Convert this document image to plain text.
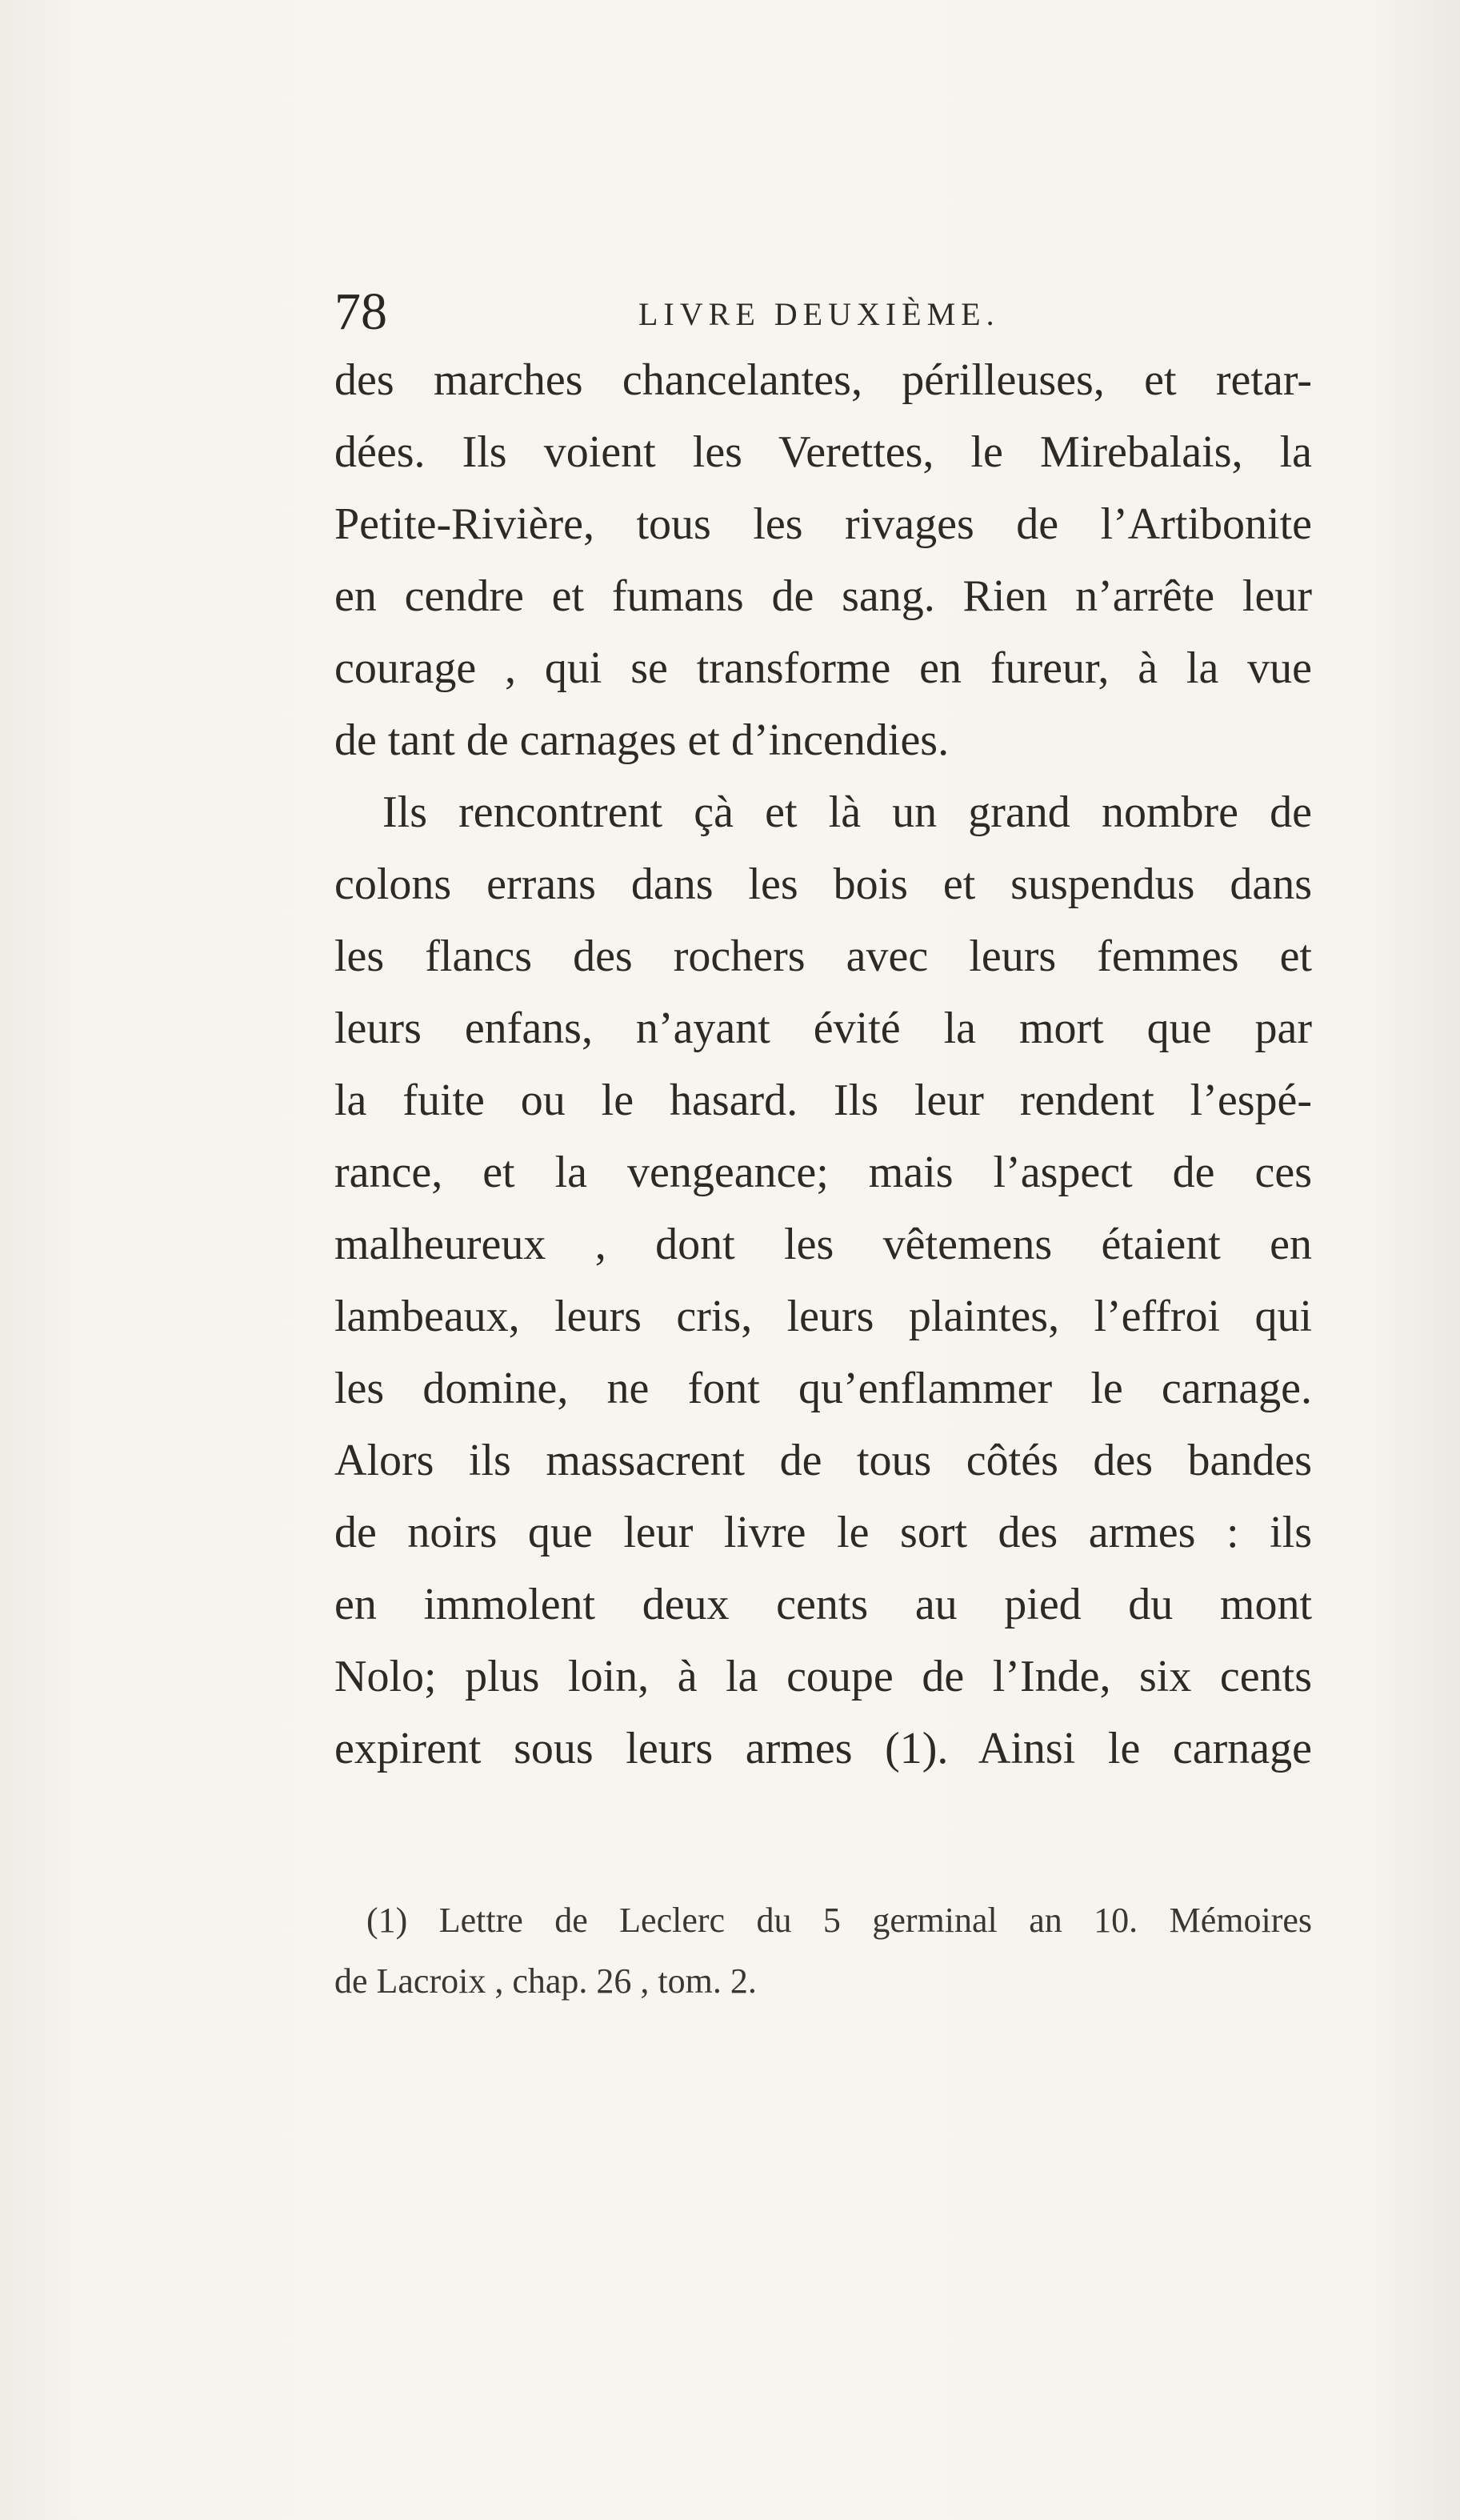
78	LIVRE DEUXIÈME.
des marches chancelantes, périlleuses, et retar-
dées. Ils voient les Verettes, le Mirebalais, la
Petite-Rivière, tous les rivages de l’Artibonite
en cendre et fumans de sang. Rien n’arrête leur
courage , qui se transforme en fureur, à la vue
de tant de carnages et d’incendies.
Ils rencontrent çà et là un grand nombre de
colons errans dans les bois et suspendus dans
les flancs des rochers avec leurs femmes et
leurs enfans, n’ayant évité la mort que par
la fuite ou le hasard. Ils leur rendent l’espé-
rance, et la vengeance; mais l’aspect de ces
malheureux , dont les vêtemens étaient en
lambeaux, leurs cris, leurs plaintes, l’effroi qui
les domine, ne font qu’enflammer le carnage.
Alors ils massacrent de tous côtés des bandes
de noirs que leur livre le sort des armes : ils
en immolent deux cents au pied du mont
Nolo; plus loin, à la coupe de l’Inde, six cents
expirent sous leurs armes (1). Ainsi le carnage
(1) Lettre de Leclerc du 5 germinal an 10. Mémoires
de Lacroix , chap. 26 , tom. 2.
